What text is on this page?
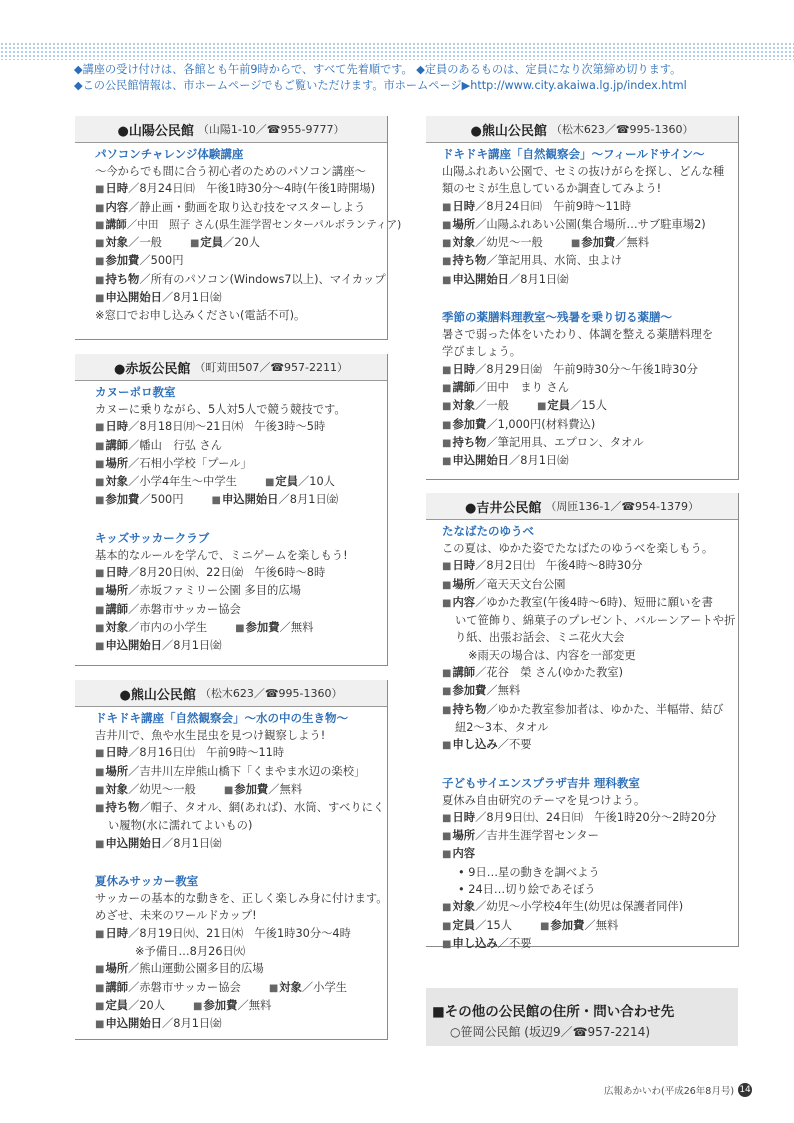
◆講座の受け付けは、各館とも午前9時からで、すべて先着順です。 ◆定員のあるものは、定員になり次第締め切ります。
◆この公民館情報は、市ホームページでもご覧いただけます。市ホームページ▶http://www.city.akaiwa.lg.jp/index.html
●山陽公民館 （山陽1-10／☎955-9777）
パソコンチャレンジ体験講座
～今からでも間に合う初心者のためのパソコン講座～
■日時／8月24日㈰　午後1時30分～4時(午後1時開場)
■内容／静止画・動画を取り込む技をマスターしよう
■講師／中田　照子 さん(県生涯学習センターパルボランティア)
■対象／一般	■定員／20人
■参加費／500円
■持ち物／所有のパソコン(Windows7以上)、マイカップ
■申込開始日／8月1日㈮
※窓口でお申し込みください(電話不可)。
●赤坂公民館 （町苅田507／☎957-2211）
カヌーポロ教室
カヌーに乗りながら、5人対5人で競う競技です。
■日時／8月18日㈪～21日㈭　午後3時～5時
■講師／幡山　行弘 さん
■場所／石相小学校「プール」
■対象／小学4年生～中学生	■定員／10人
■参加費／500円	■申込開始日／8月1日㈮
キッズサッカークラブ
基本的なルールを学んで、ミニゲームを楽しもう!
■日時／8月20日㈬、22日㈮　午後6時～8時
■場所／赤坂ファミリー公園 多目的広場
■講師／赤磐市サッカー協会
■対象／市内の小学生	■参加費／無料
■申込開始日／8月1日㈮
●熊山公民館 （松木623／☎995-1360）
ドキドキ講座「自然観察会」～水の中の生き物～
吉井川で、魚や水生昆虫を見つけ観察しよう!
■日時／8月16日㈯　午前9時～11時
■場所／吉井川左岸熊山橋下「くまやま水辺の楽校」
■対象／幼児～一般	■参加費／無料
■持ち物／帽子、タオル、網(あれば)、水筒、すべりにく
い履物(水に濡れてよいもの)
■申込開始日／8月1日㈮
夏休みサッカー教室
サッカーの基本的な動きを、正しく楽しみ身に付けます。
めざせ、未来のワールドカップ!
■日時／8月19日㈫、21日㈭　午後1時30分～4時
※予備日…8月26日㈫
■場所／熊山運動公園多目的広場
■講師／赤磐市サッカー協会	■対象／小学生
■定員／20人	■参加費／無料
■申込開始日／8月1日㈮
●熊山公民館 （松木623／☎995-1360）
ドキドキ講座「自然観察会」～フィールドサイン～
山陽ふれあい公園で、セミの抜けがらを探し、どんな種
類のセミが生息しているか調査してみよう!
■日時／8月24日㈰　午前9時～11時
■場所／山陽ふれあい公園(集合場所…サブ駐車場2)
■対象／幼児～一般	■参加費／無料
■持ち物／筆記用具、水筒、虫よけ
■申込開始日／8月1日㈮
季節の薬膳料理教室～残暑を乗り切る薬膳～
暑さで弱った体をいたわり、体調を整える薬膳料理を
学びましょう。
■日時／8月29日㈮　午前9時30分～午後1時30分
■講師／田中　まり さん
■対象／一般	■定員／15人
■参加費／1,000円(材料費込)
■持ち物／筆記用具、エプロン、タオル
■申込開始日／8月1日㈮
●吉井公民館 （周匝136-1／☎954-1379）
たなばたのゆうべ
この夏は、ゆかた姿でたなばたのゆうべを楽しもう。
■日時／8月2日㈯　午後4時～8時30分
■場所／竜天天文台公園
■内容／ゆかた教室(午後4時～6時)、短冊に願いを書
いて笹飾り、綿菓子のプレゼント、バルーンアートや折
り紙、出張お話会、ミニ花火大会
※雨天の場合は、内容を一部変更
■講師／花谷　榮 さん(ゆかた教室)
■参加費／無料
■持ち物／ゆかた教室参加者は、ゆかた、半幅帯、結び
紐2～3本、タオル
■申し込み／不要
子どもサイエンスプラザ吉井 理科教室
夏休み自由研究のテーマを見つけよう。
■日時／8月9日㈯、24日㈰　午後1時20分～2時20分
■場所／吉井生涯学習センター
■内容
• 9日…星の動きを調べよう
• 24日…切り絵であそぼう
■対象／幼児～小学校4年生(幼児は保護者同伴)
■定員／15人	■参加費／無料
■申し込み／不要
■その他の公民館の住所・問い合わせ先
○笹岡公民館 (坂辺9／☎957-2214)
広報あかいわ(平成26年8月号) 14
